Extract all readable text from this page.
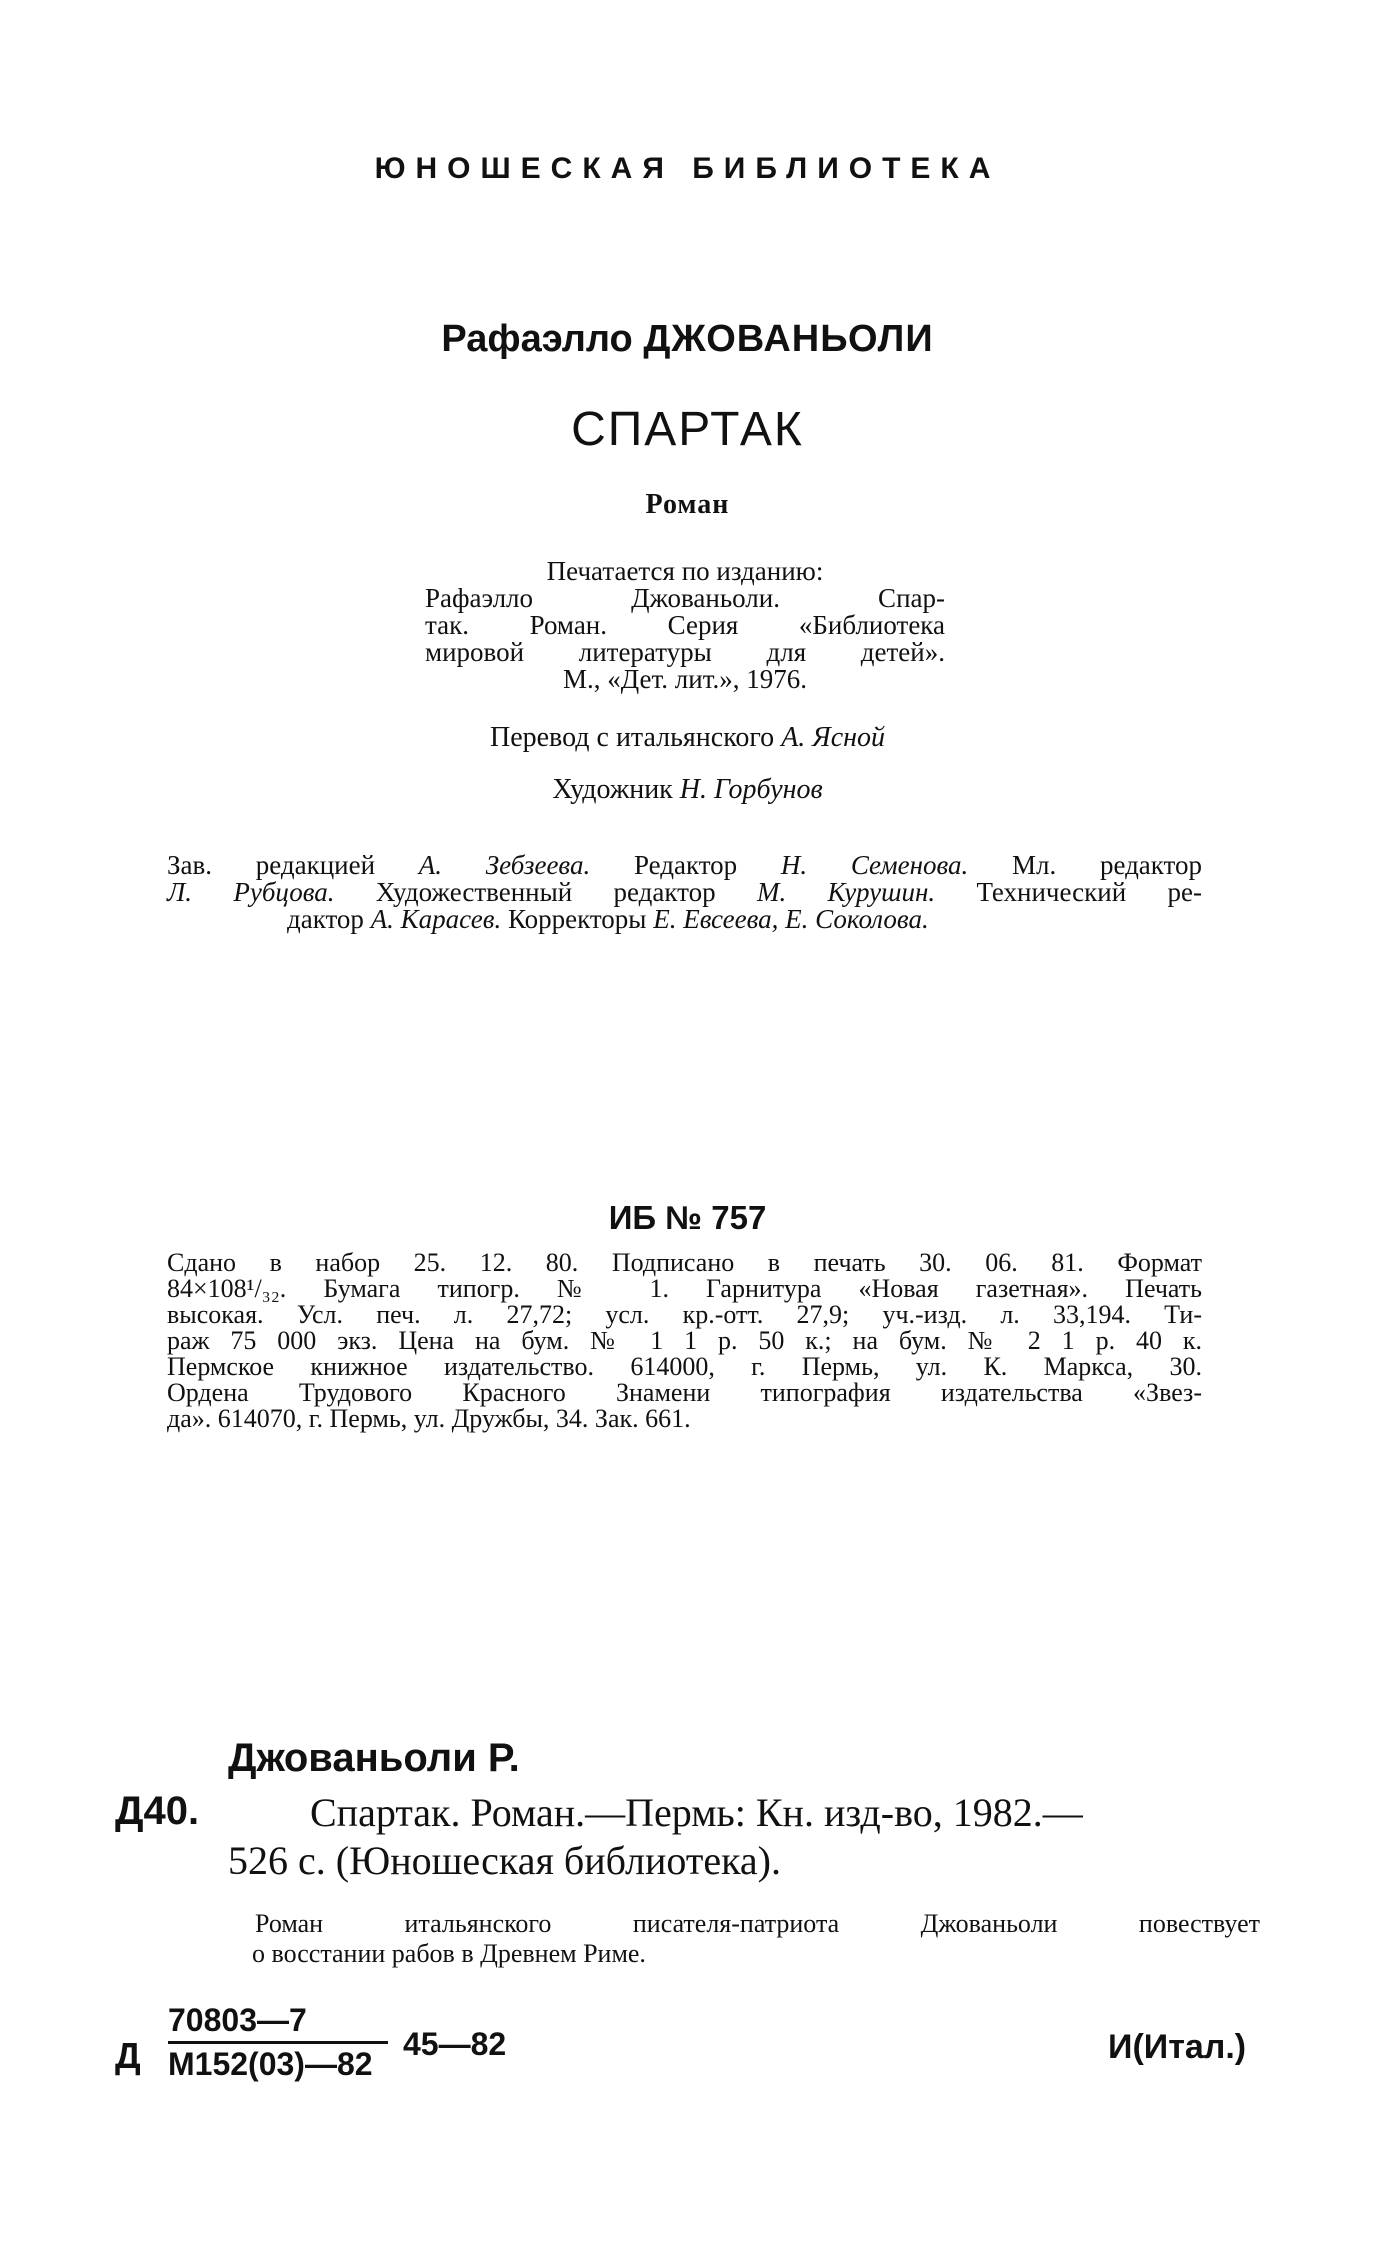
ЮНОШЕСКАЯ БИБЛИОТЕКА
Рафаэлло ДЖОВАНЬОЛИ
СПАРТАК
Роман
Печатается по изданию:
Рафаэлло Джованьоли. Спар-
так. Роман. Серия «Библиотека
мировой литературы для детей».
М., «Дет. лит.», 1976.
Перевод с итальянского А. Ясной
Художник Н. Горбунов
Зав. редакцией А. Зебзеева. Редактор Н. Семенова. Мл. редактор
Л. Рубцова. Художественный редактор М. Курушин. Технический ре-
дактор А. Карасев. Корректоры Е. Евсеева, Е. Соколова.
ИБ № 757
Сдано в набор 25. 12. 80. Подписано в печать 30. 06. 81. Формат
84×108¹/₃₂. Бумага типогр. № 1. Гарнитура «Новая газетная». Печать
высокая. Усл. печ. л. 27,72; усл. кр.-отт. 27,9; уч.-изд. л. 33,194. Ти-
раж 75 000 экз. Цена на бум. № 1 1 р. 50 к.; на бум. № 2 1 р. 40 к.
Пермское книжное издательство. 614000, г. Пермь, ул. К. Маркса, 30.
Ордена Трудового Красного Знамени типография издательства «Звез-
да». 614070, г. Пермь, ул. Дружбы, 34. Зак. 661.
Джованьоли Р.
Д40.	Спартак. Роман.—Пермь: Кн. изд-во, 1982.—
526 с. (Юношеская библиотека).
Роман итальянского писателя-патриота Джованьоли повествует
о восстании рабов в Древнем Риме.
Д
70803—7
М152(03)—82
45—82	И(Итал.)
